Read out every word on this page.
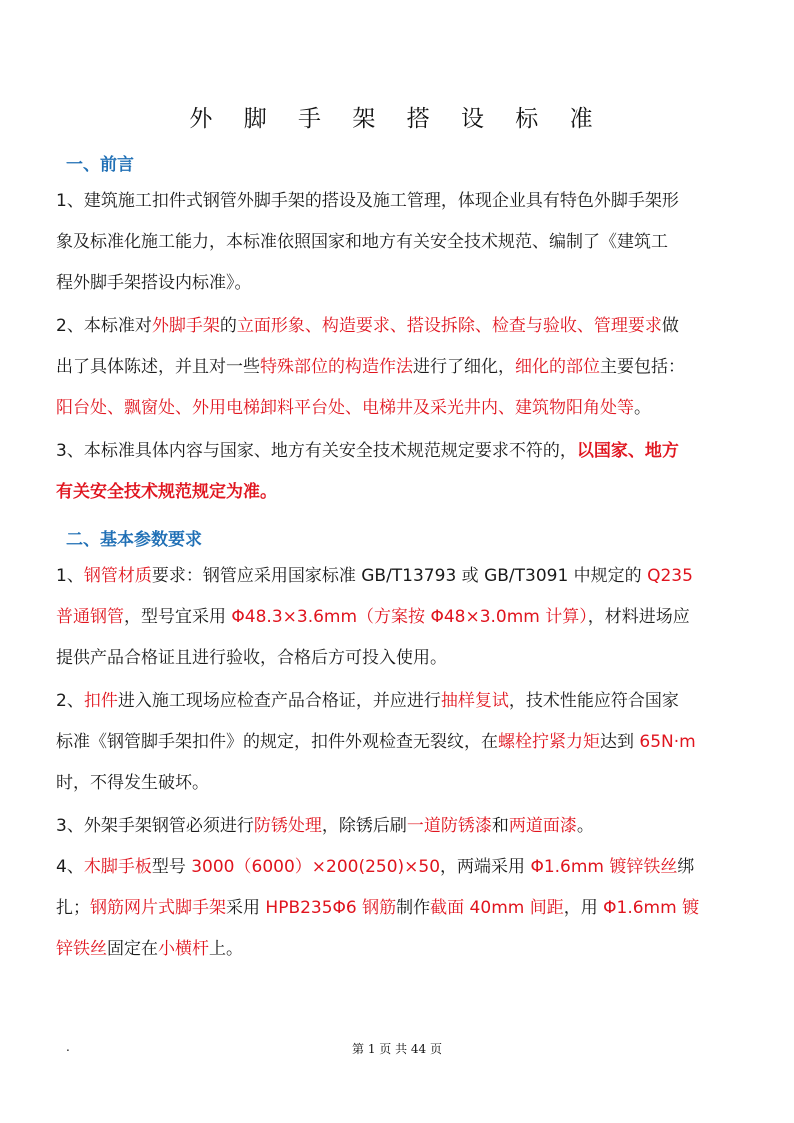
外 脚 手 架 搭 设 标 准
一、前言
1、建筑施工扣件式钢管外脚手架的搭设及施工管理，体现企业具有特色外脚手架形
象及标准化施工能力，本标准依照国家和地方有关安全技术规范、编制了《建筑工
程外脚手架搭设内标准》。
2、本标准对外脚手架的立面形象、构造要求、搭设拆除、检查与验收、管理要求做
出了具体陈述，并且对一些特殊部位的构造作法进行了细化，细化的部位主要包括：
阳台处、飘窗处、外用电梯卸料平台处、电梯井及采光井内、建筑物阳角处等。
3、本标准具体内容与国家、地方有关安全技术规范规定要求不符的，以国家、地方
有关安全技术规范规定为准。
二、基本参数要求
1、钢管材质要求：钢管应采用国家标准 GB/T13793 或 GB/T3091 中规定的 Q235
普通钢管，型号宜采用 Φ48.3×3.6mm（方案按 Φ48×3.0mm 计算），材料进场应
提供产品合格证且进行验收，合格后方可投入使用。
2、扣件进入施工现场应检查产品合格证，并应进行抽样复试，技术性能应符合国家
标准《钢管脚手架扣件》的规定，扣件外观检查无裂纹，在螺栓拧紧力矩达到 65N·m
时，不得发生破坏。
3、外架手架钢管必须进行防锈处理，除锈后刷一道防锈漆和两道面漆。
4、木脚手板型号 3000（6000）×200(250)×50，两端采用 Φ1.6mm 镀锌铁丝绑
扎；钢筋网片式脚手架采用 HPB235Φ6 钢筋制作截面 40mm 间距，用 Φ1.6mm 镀
锌铁丝固定在小横杆上。
.	第 1 页 共 44 页
